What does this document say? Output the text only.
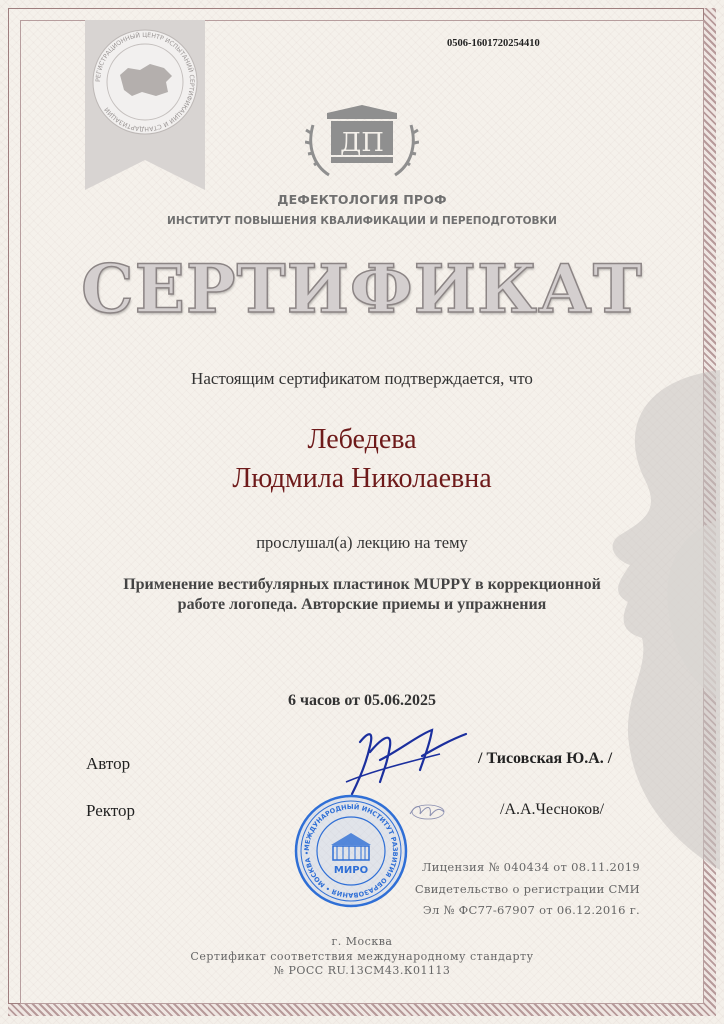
РЕГИСТРАЦИОННЫЙ ЦЕНТР ИСПЫТАНИЙ СЕРТИФИКАЦИИ И СТАНДАРТИЗАЦИИ
0506-1601720254410
ДП
ДЕФЕКТОЛОГИЯ ПРОФ
ИНСТИТУТ ПОВЫШЕНИЯ КВАЛИФИКАЦИИ И ПЕРЕПОДГОТОВКИ
СЕРТИФИКАТ
Настоящим сертификатом подтверждается, что
Лебедева
Людмила Николаевна
прослушал(а) лекцию на тему
Применение вестибулярных пластинок MUPPY в коррекционной
работе логопеда. Авторские приемы и упражнения
6 часов от 05.06.2025
Автор	/ Тисовская Ю.А. /
Ректор	/А.А.Чесноков/
МЕЖДУНАРОДНЫЙ ИНСТИТУТ РАЗВИТИЯ ОБРАЗОВАНИЯ • МОСКВА •
МИРО	Лицензия № 040434 от 08.11.2019
Свидетельство о регистрации СМИ
Эл № ФС77-67907 от 06.12.2016 г.
г. Москва
Сертификат соответствия международному стандарту
№ РОСС RU.13СМ43.К01113
